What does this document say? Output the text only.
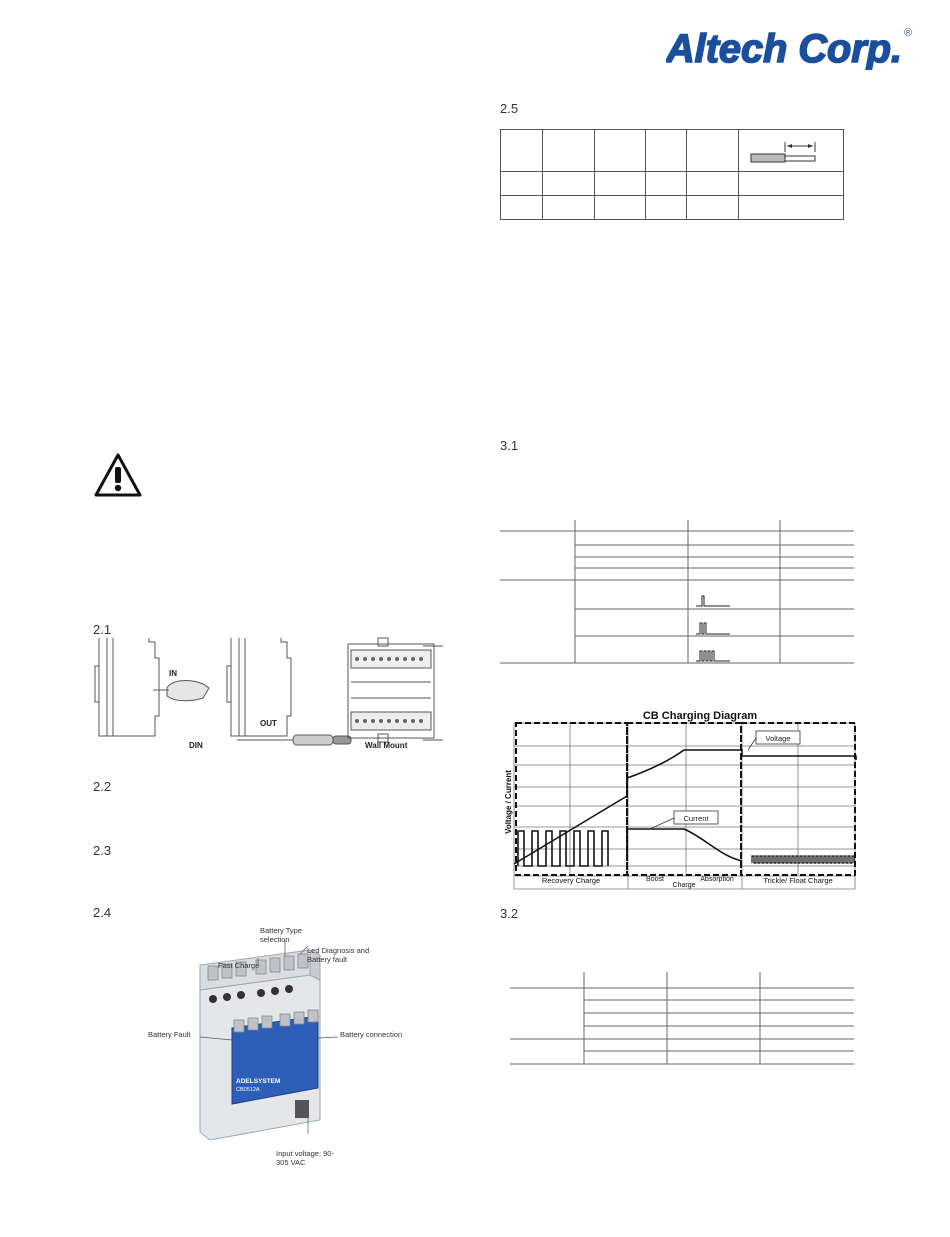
Altech Corp. ®
2.5

3.1
2.1
IN
OUT
DIN	Wall Mount
2.2
2.3
2.4
ADELSYSTEM
CB0512A
Battery Type selection
Led Diagnosis and Battery fault
Fast Charge
Battery Fault	Battery connection
Input voltage: 90-305 VAC
CB Charging Diagram
Voltage / Current
Voltage
Current
Recovery Charge	Boost
Charge
Absorption	Trickle/ Float Charge
3.2
